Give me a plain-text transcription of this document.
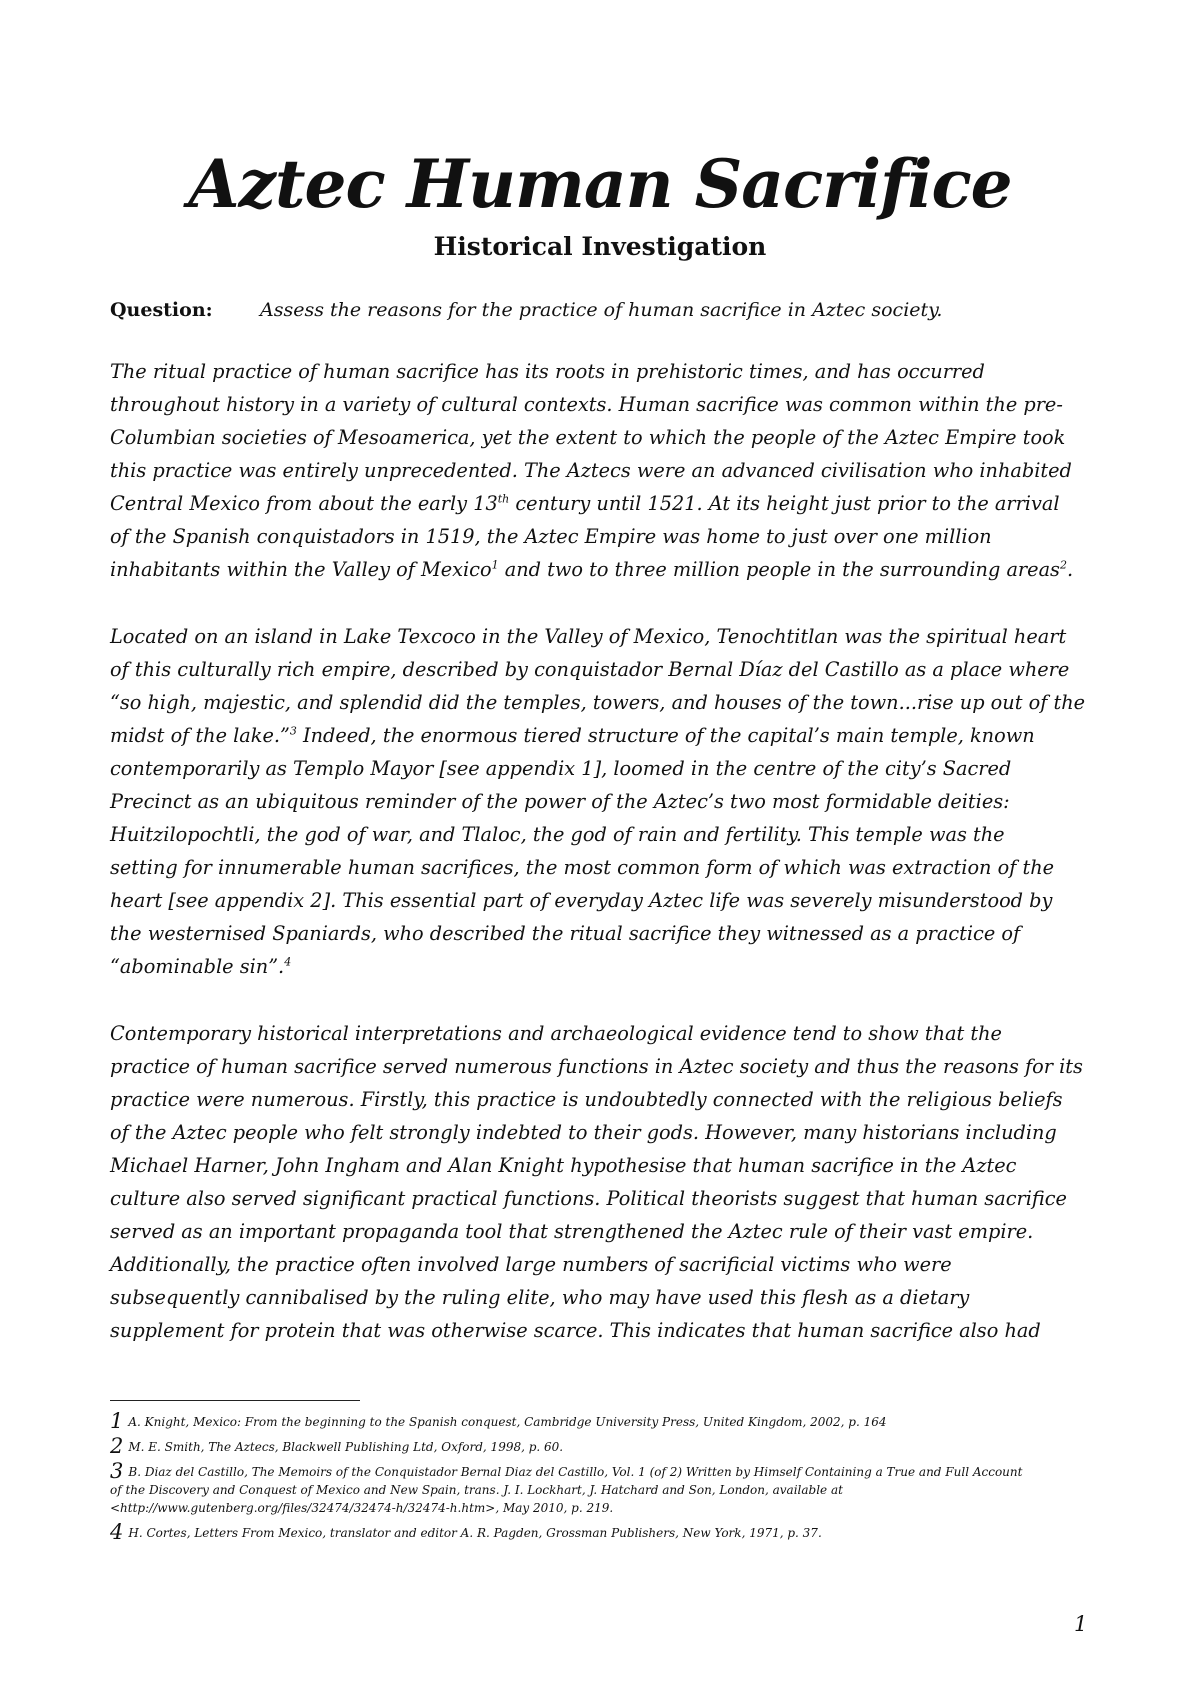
Aztec Human Sacrifice
Historical Investigation
Question: Assess the reasons for the practice of human sacrifice in Aztec society.
The ritual practice of human sacrifice has its roots in prehistoric times, and has occurred
throughout history in a variety of cultural contexts. Human sacrifice was common within the pre-
Columbian societies of Mesoamerica, yet the extent to which the people of the Aztec Empire took
this practice was entirely unprecedented. The Aztecs were an advanced civilisation who inhabited
Central Mexico from about the early 13th century until 1521. At its height just prior to the arrival
of the Spanish conquistadors in 1519, the Aztec Empire was home to just over one million
inhabitants within the Valley of Mexico$^1$ and two to three million people in the surrounding areas$^2$.
Located on an island in Lake Texcoco in the Valley of Mexico, Tenochtitlan was the spiritual heart
of this culturally rich empire, described by conquistador Bernal Díaz del Castillo as a place where
“so high, majestic, and splendid did the temples, towers, and houses of the town...rise up out of the
midst of the lake.”$^3$ Indeed, the enormous tiered structure of the capital’s main temple, known
contemporarily as Templo Mayor [see appendix 1], loomed in the centre of the city’s Sacred
Precinct as an ubiquitous reminder of the power of the Aztec’s two most formidable deities:
Huitzilopochtli, the god of war, and Tlaloc, the god of rain and fertility. This temple was the
setting for innumerable human sacrifices, the most common form of which was extraction of the
heart [see appendix 2]. This essential part of everyday Aztec life was severely misunderstood by
the westernised Spaniards, who described the ritual sacrifice they witnessed as a practice of
“abominable sin”.$^4$
Contemporary historical interpretations and archaeological evidence tend to show that the
practice of human sacrifice served numerous functions in Aztec society and thus the reasons for its
practice were numerous. Firstly, this practice is undoubtedly connected with the religious beliefs
of the Aztec people who felt strongly indebted to their gods. However, many historians including
Michael Harner, John Ingham and Alan Knight hypothesise that human sacrifice in the Aztec
culture also served significant practical functions. Political theorists suggest that human sacrifice
served as an important propaganda tool that strengthened the Aztec rule of their vast empire.
Additionally, the practice often involved large numbers of sacrificial victims who were
subsequently cannibalised by the ruling elite, who may have used this flesh as a dietary
supplement for protein that was otherwise scarce. This indicates that human sacrifice also had
1 A. Knight, Mexico: From the beginning to the Spanish conquest, Cambridge University Press, United Kingdom, 2002, p. 164
2 M. E. Smith, The Aztecs, Blackwell Publishing Ltd, Oxford, 1998, p. 60.
3 B. Diaz del Castillo, The Memoirs of the Conquistador Bernal Diaz del Castillo, Vol. 1 (of 2) Written by Himself Containing a True and Full Account
of the Discovery and Conquest of Mexico and New Spain, trans. J. I. Lockhart, J. Hatchard and Son, London, available at
<http://www.gutenberg.org/files/32474/32474-h/32474-h.htm>, May 2010, p. 219.
4 H. Cortes, Letters From Mexico, translator and editor A. R. Pagden, Grossman Publishers, New York, 1971, p. 37.
1
